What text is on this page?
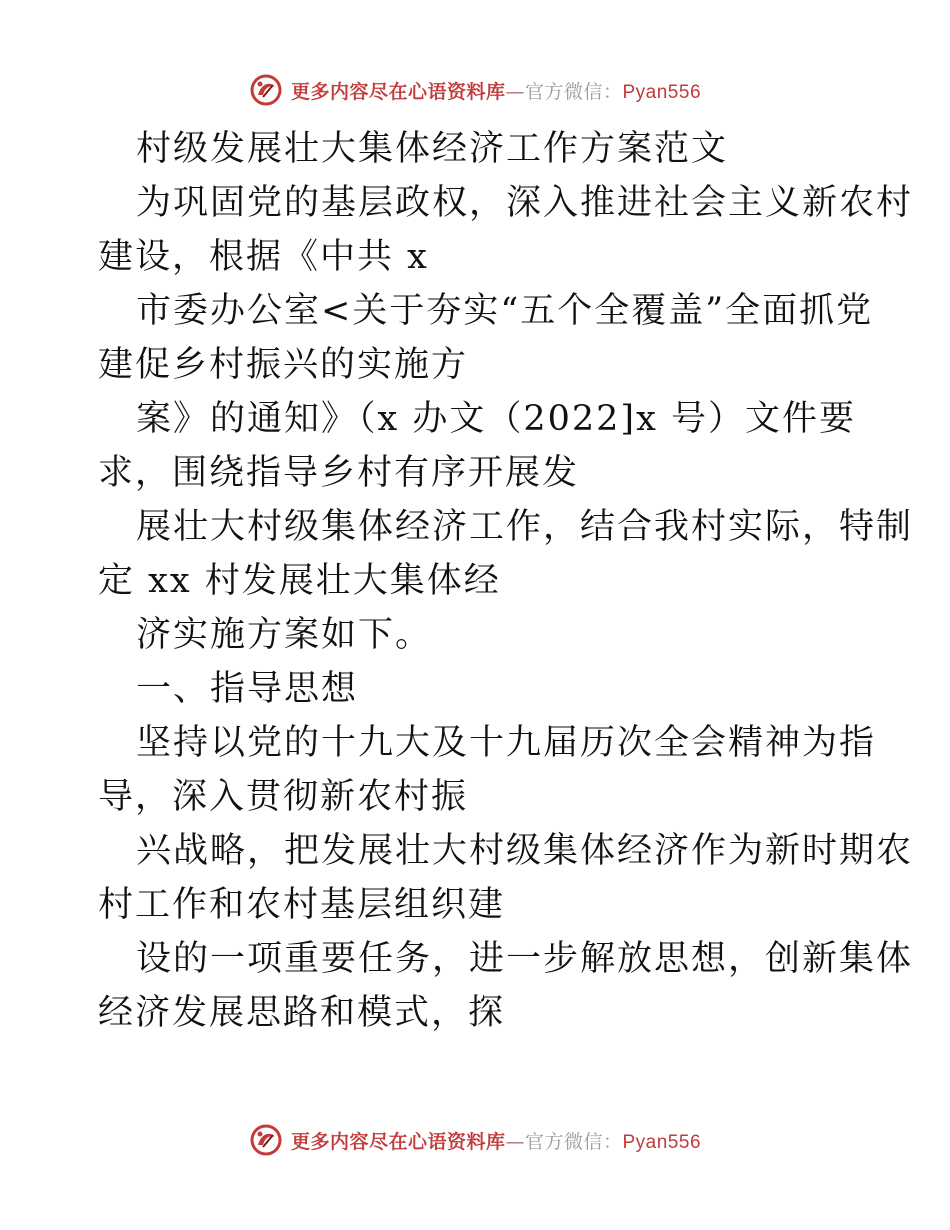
更多内容尽在心语资料库—官方微信：Pyan556
村级发展壮大集体经济工作方案范文
为巩固党的基层政权，深入推进社会主义新农村
建设，根据《中共 x
市委办公室<关于夯实“五个全覆盖”全面抓党
建促乡村振兴的实施方
案》的通知》（x 办文（2022]x 号）文件要
求，围绕指导乡村有序开展发
展壮大村级集体经济工作，结合我村实际，特制
定 xx 村发展壮大集体经
济实施方案如下。
一、指导思想
坚持以党的十九大及十九届历次全会精神为指
导，深入贯彻新农村振
兴战略，把发展壮大村级集体经济作为新时期农
村工作和农村基层组织建
设的一项重要任务，进一步解放思想，创新集体
经济发展思路和模式，探
更多内容尽在心语资料库—官方微信：Pyan556
